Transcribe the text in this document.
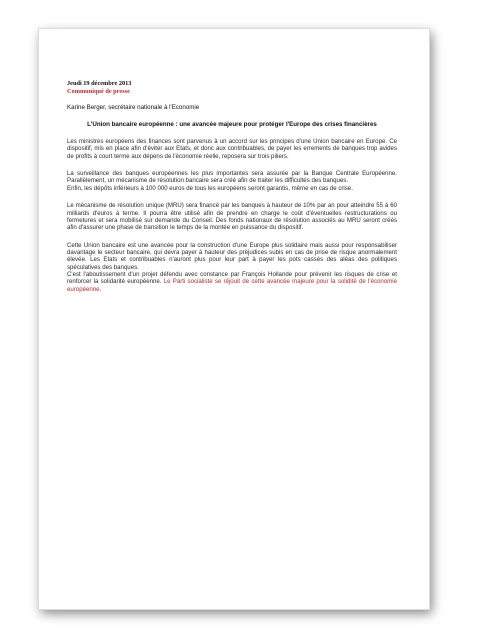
Jeudi 19 décembre 2013
Communiqué de presse
Karine Berger, secrétaire nationale à l'Economie
L'Union bancaire européenne : une avancée majeure pour protéger l'Europe des crises financières
Les ministres européens des finances sont parvenus à un accord sur les principes d'une Union bancaire en Europe. Ce dispositif, mis en place afin d'éviter aux Etats, et donc aux contribuables, de payer les errements de banques trop avides de profits à court terme aux dépens de l'économie réelle, reposera sur trois piliers.
La surveillance des banques européennes les plus importantes sera assurée par la Banque Centrale Européenne. Parallèlement, un mécanisme de résolution bancaire sera créé afin de traiter les difficultés des banques.
Enfin, les dépôts inférieurs à 100 000 euros de tous les européens seront garantis, même en cas de crise.
Le mécanisme de résolution unique (MRU) sera financé par les banques à hauteur de 10% par an pour atteindre 55 à 60 milliards d'euros à terme. Il pourra être utilisé afin de prendre en charge le coût d'éventuelles restructurations ou fermetures et sera mobilisé sur demande du Conseil. Des fonds nationaux de résolution associés au MRU seront créés afin d'assurer une phase de transition le temps de la montée en puissance du dispositif.
Cette Union bancaire est une avancée pour la construction d'une Europe plus solidaire mais aussi pour responsabiliser davantage le secteur bancaire, qui devra payer à hauteur des préjudices subis en cas de prise de risque anormalement élevée. Les Etats et contribuables n'auront plus pour leur part à payer les pots cassés des aléas des politiques spéculatives des banques.
C'est l'aboutissement d'un projet défendu avec constance par François Hollande pour prévenir les risques de crise et renforcer la solidarité européenne. Le Parti socialiste se réjouit de cette avancée majeure pour la solidité de l'économie européenne.
